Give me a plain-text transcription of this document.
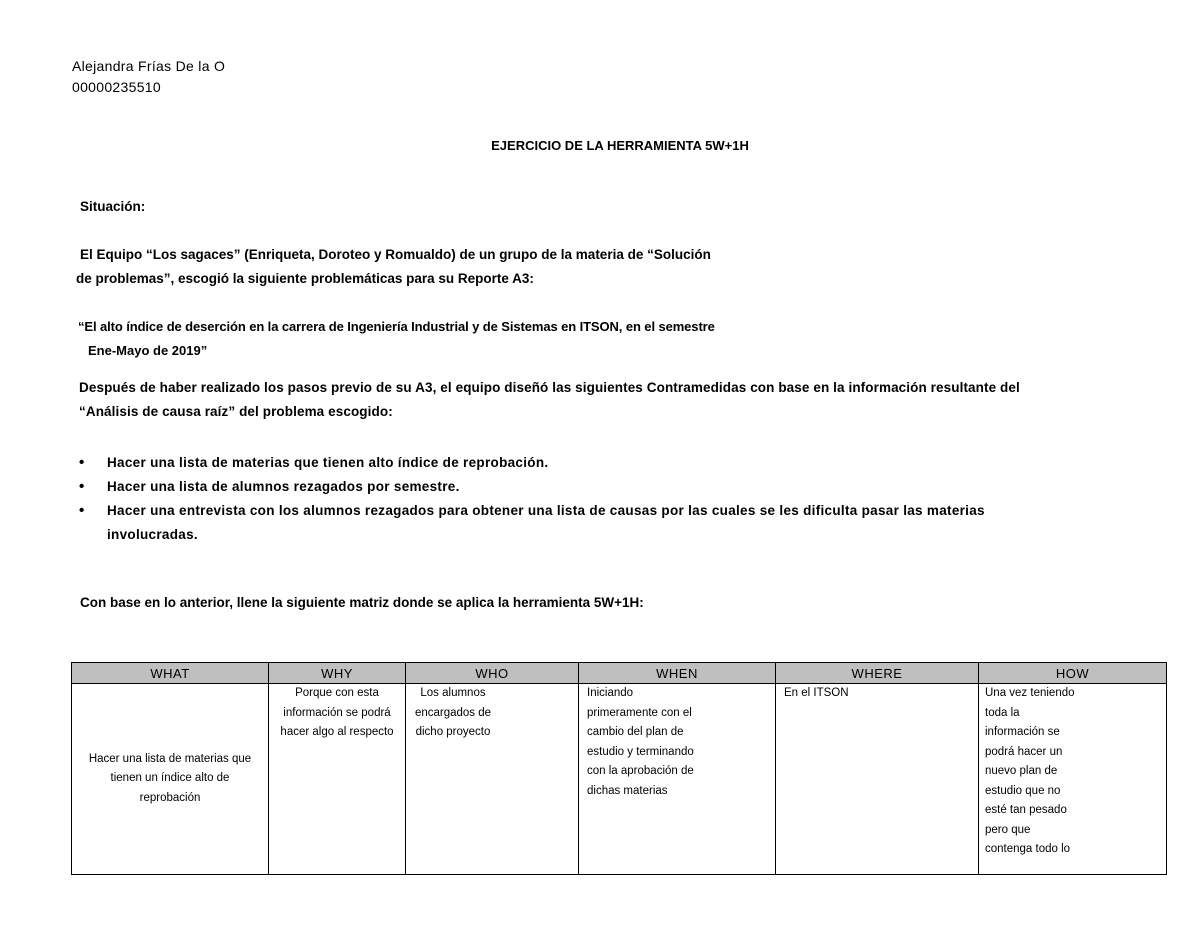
Alejandra Frías De la O
00000235510
EJERCICIO DE LA HERRAMIENTA 5W+1H
Situación:
El Equipo “Los sagaces” (Enriqueta, Doroteo y Romualdo) de un grupo de la materia de “Solución
de problemas”, escogió la siguiente problemáticas para su Reporte A3:
“El alto índice de deserción en la carrera de Ingeniería Industrial y de Sistemas en ITSON, en el semestre
Ene-Mayo de 2019”
Después de haber realizado los pasos previo de su A3, el equipo diseñó las siguientes Contramedidas con base en la información resultante del
“Análisis de causa raíz” del problema escogido:
• Hacer una lista de materias que tienen alto índice de reprobación.
• Hacer una lista de alumnos rezagados por semestre.
• Hacer una entrevista con los alumnos rezagados para obtener una lista de causas por las cuales se les dificulta pasar las materias involucradas.
Con base en lo anterior, llene la siguiente matriz donde se aplica la herramienta 5W+1H:
WHAT	WHY	WHO	WHEN	WHERE	HOW
Hacer una lista de materias que tienen un índice alto de reprobación	Porque con esta información se podrá hacer algo al respecto	Los alumnos encargados de dicho proyecto	Iniciando primeramente con el cambio del plan de estudio y terminando con la aprobación de dichas materias	En el ITSON	Una vez teniendo toda la información se podrá hacer un nuevo plan de estudio que no esté tan pesado pero que contenga todo lo
